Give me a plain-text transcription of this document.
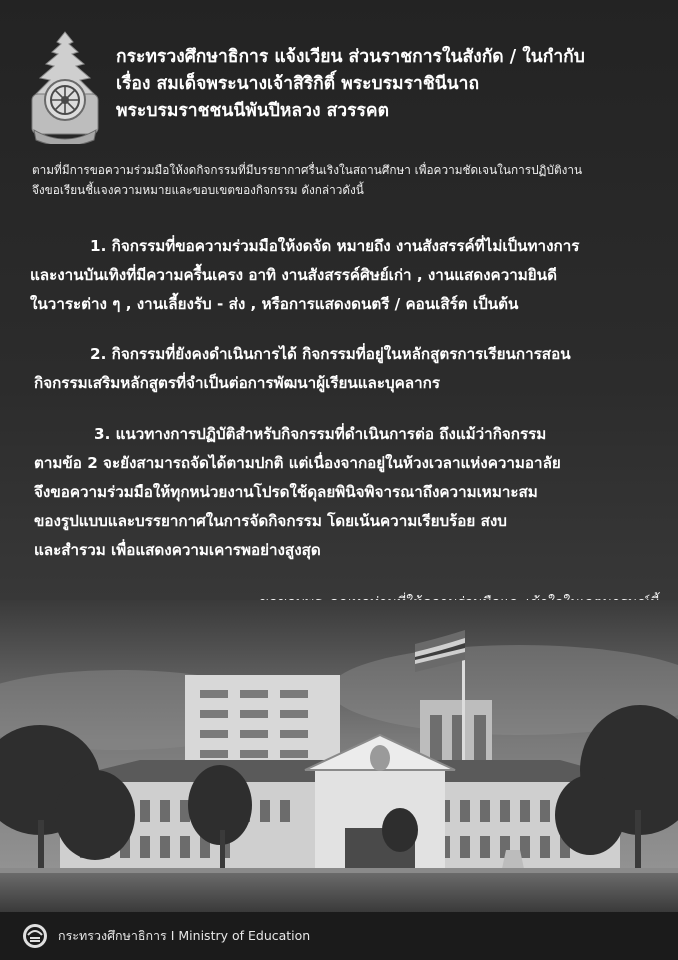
กระทรวงศึกษาธิการ แจ้งเวียน ส่วนราชการในสังกัด / ในกำกับ
เรื่อง สมเด็จพระนางเจ้าสิริกิติ์ พระบรมราชินีนาถ
พระบรมราชชนนีพันปีหลวง สวรรคต
ตามที่มีการขอความร่วมมือให้งดกิจกรรมที่มีบรรยากาศรื่นเริงในสถานศึกษา เพื่อความชัดเจนในการปฏิบัติงาน
จึงขอเรียนชี้แจงความหมายและขอบเขตของกิจกรรม ดังกล่าวดังนี้
1. กิจกรรมที่ขอความร่วมมือให้งดจัด หมายถึง งานสังสรรค์ที่ไม่เป็นทางการ
และงานบันเทิงที่มีความครื้นเครง อาทิ งานสังสรรค์ศิษย์เก่า , งานแสดงความยินดี
ในวาระต่าง ๆ , งานเลี้ยงรับ - ส่ง , หรือการแสดงดนตรี / คอนเสิร์ต เป็นต้น
2. กิจกรรมที่ยังคงดำเนินการได้ กิจกรรมที่อยู่ในหลักสูตรการเรียนการสอน
กิจกรรมเสริมหลักสูตรที่จำเป็นต่อการพัฒนาผู้เรียนและบุคลากร
3. แนวทางการปฏิบัติสำหรับกิจกรรมที่ดำเนินการต่อ ถึงแม้ว่ากิจกรรม
ตามข้อ 2 จะยังสามารถจัดได้ตามปกติ แต่เนื่องจากอยู่ในห้วงเวลาแห่งความอาลัย
จึงขอความร่วมมือให้ทุกหน่วยงานโปรดใช้ดุลยพินิจพิจารณาถึงความเหมาะสม
ของรูปแบบและบรรยากาศในการจัดกิจกรรม โดยเน้นความเรียบร้อย สงบ
และสำรวม เพื่อแสดงความเคารพอย่างสูงสุด
กระทรวงศึกษาธิการ I Ministry of Education
